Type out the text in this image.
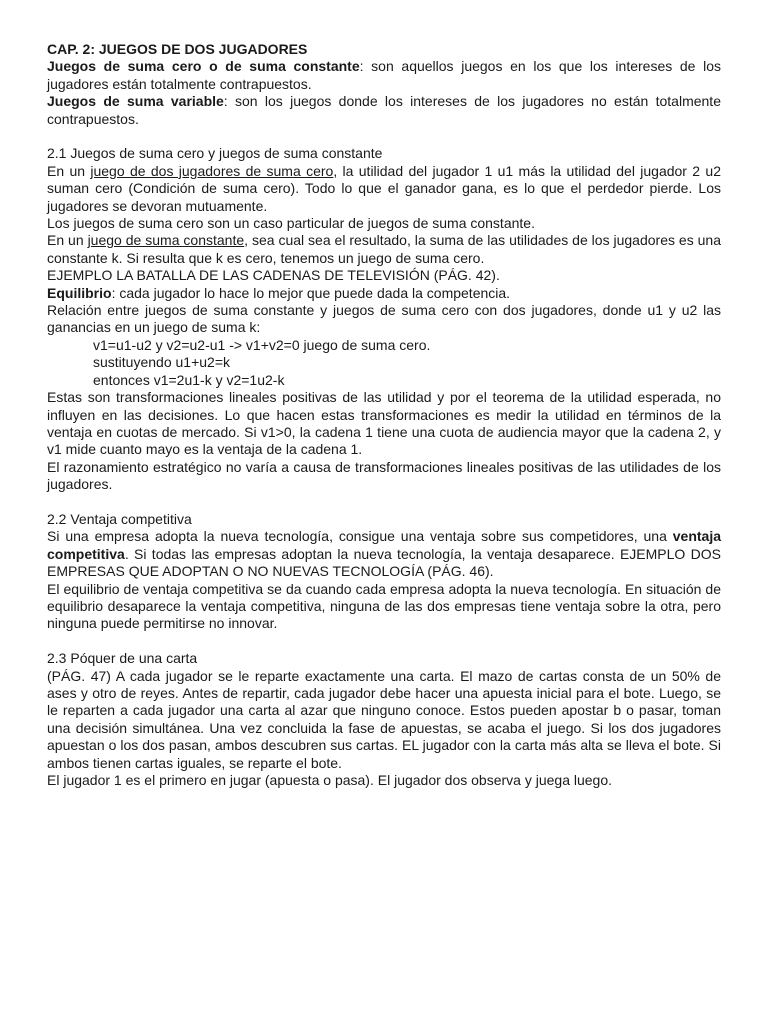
CAP. 2: JUEGOS DE DOS JUGADORES

Juegos de suma cero o de suma constante: son aquellos juegos en los que los intereses de los jugadores están totalmente contrapuestos.

Juegos de suma variable: son los juegos donde los intereses de los jugadores no están totalmente contrapuestos.

2.1 Juegos de suma cero y juegos de suma constante

En un juego de dos jugadores de suma cero, la utilidad del jugador 1 u1 más la utilidad del jugador 2 u2 suman cero (Condición de suma cero). Todo lo que el ganador gana, es lo que el perdedor pierde. Los jugadores se devoran mutuamente.

Los juegos de suma cero son un caso particular de juegos de suma constante.

En un juego de suma constante, sea cual sea el resultado, la suma de las utilidades de los jugadores es una constante k. Si resulta que k es cero, tenemos un juego de suma cero.

EJEMPLO LA BATALLA DE LAS CADENAS DE TELEVISIÓN (PÁG. 42).

Equilibrio: cada jugador lo hace lo mejor que puede dada la competencia.

Relación entre juegos de suma constante y juegos de suma cero con dos jugadores, donde u1 y u2 las ganancias en un juego de suma k:

v1=u1-u2 y v2=u2-u1 -> v1+v2=0 juego de suma cero.

sustituyendo u1+u2=k

entonces v1=2u1-k y v2=1u2-k

Estas son transformaciones lineales positivas de las utilidad y por el teorema de la utilidad esperada, no influyen en las decisiones. Lo que hacen estas transformaciones es medir la utilidad en términos de la ventaja en cuotas de mercado. Si v1>0, la cadena 1 tiene una cuota de audiencia mayor que la cadena 2, y v1 mide cuanto mayo es la ventaja de la cadena 1.

El razonamiento estratégico no varía a causa de transformaciones lineales positivas de las utilidades de los jugadores.

2.2 Ventaja competitiva

Si una empresa adopta la nueva tecnología, consigue una ventaja sobre sus competidores, una ventaja competitiva. Si todas las empresas adoptan la nueva tecnología, la ventaja desaparece. EJEMPLO DOS EMPRESAS QUE ADOPTAN O NO NUEVAS TECNOLOGÍA (PÁG. 46).

El equilibrio de ventaja competitiva se da cuando cada empresa adopta la nueva tecnología. En situación de equilibrio desaparece la ventaja competitiva, ninguna de las dos empresas tiene ventaja sobre la otra, pero ninguna puede permitirse no innovar.

2.3 Póquer de una carta

(PÁG. 47) A cada jugador se le reparte exactamente una carta. El mazo de cartas consta de un 50% de ases y otro de reyes. Antes de repartir, cada jugador debe hacer una apuesta inicial para el bote. Luego, se le reparten a cada jugador una carta al azar que ninguno conoce. Estos pueden apostar b o pasar, toman una decisión simultánea. Una vez concluida la fase de apuestas, se acaba el juego. Si los dos jugadores apuestan o los dos pasan, ambos descubren sus cartas. EL jugador con la carta más alta se lleva el bote. Si ambos tienen cartas iguales, se reparte el bote.

El jugador 1 es el primero en jugar (apuesta o pasa). El jugador dos observa y juega luego.
